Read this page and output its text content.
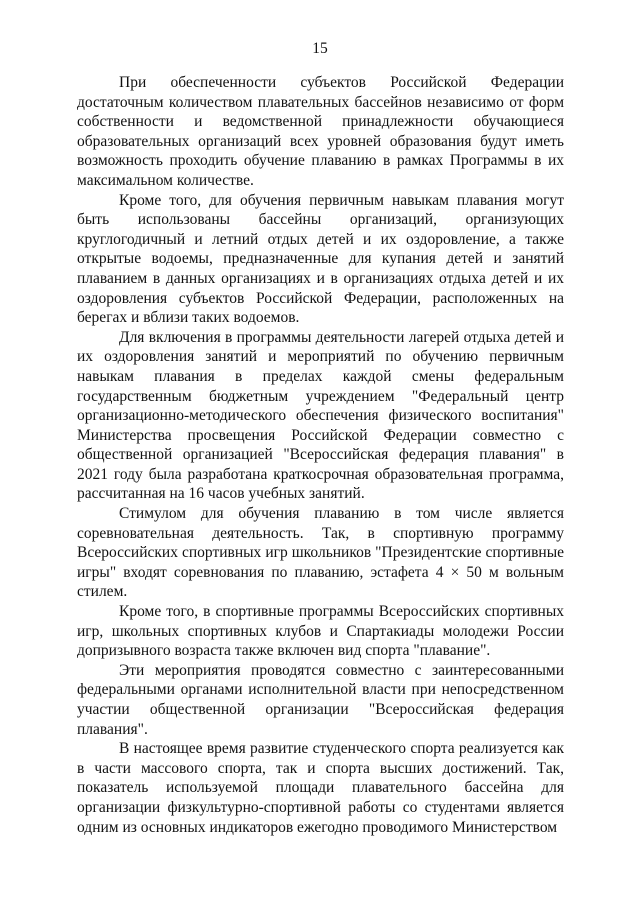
15

При обеспеченности субъектов Российской Федерации достаточным количеством плавательных бассейнов независимо от форм собственности и ведомственной принадлежности обучающиеся образовательных организаций всех уровней образования будут иметь возможность проходить обучение плаванию в рамках Программы в их максимальном количестве.

Кроме того, для обучения первичным навыкам плавания могут быть использованы бассейны организаций, организующих круглогодичный и летний отдых детей и их оздоровление, а также открытые водоемы, предназначенные для купания детей и занятий плаванием в данных организациях и в организациях отдыха детей и их оздоровления субъектов Российской Федерации, расположенных на берегах и вблизи таких водоемов.

Для включения в программы деятельности лагерей отдыха детей и их оздоровления занятий и мероприятий по обучению первичным навыкам плавания в пределах каждой смены федеральным государственным бюджетным учреждением "Федеральный центр организационно-методического обеспечения физического воспитания" Министерства просвещения Российской Федерации совместно с общественной организацией "Всероссийская федерация плавания" в 2021 году была разработана краткосрочная образовательная программа, рассчитанная на 16 часов учебных занятий.

Стимулом для обучения плаванию в том числе является соревновательная деятельность. Так, в спортивную программу Всероссийских спортивных игр школьников "Президентские спортивные игры" входят соревнования по плаванию, эстафета 4 × 50 м вольным стилем.

Кроме того, в спортивные программы Всероссийских спортивных игр, школьных спортивных клубов и Спартакиады молодежи России допризывного возраста также включен вид спорта "плавание".

Эти мероприятия проводятся совместно с заинтересованными федеральными органами исполнительной власти при непосредственном участии общественной организации "Всероссийская федерация плавания".

В настоящее время развитие студенческого спорта реализуется как в части массового спорта, так и спорта высших достижений. Так, показатель используемой площади плавательного бассейна для организации физкультурно-спортивной работы со студентами является одним из основных индикаторов ежегодно проводимого Министерством
